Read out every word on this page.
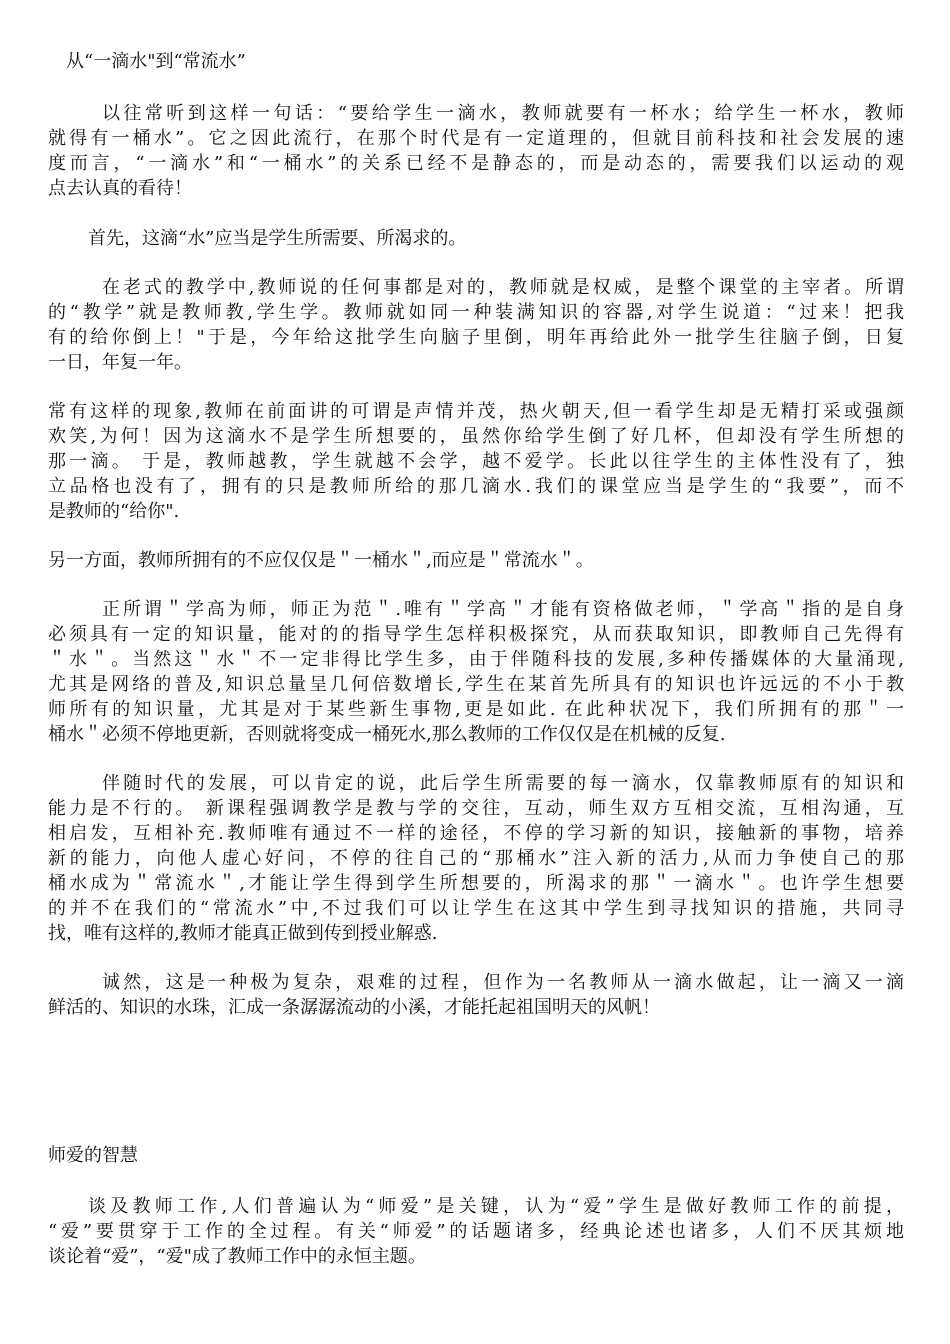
从“一滴水"到“常流水”
以往常听到这样一句话：“要给学生一滴水，教师就要有一杯水；给学生一杯水，教师
就得有一桶水”。它之因此流行，在那个时代是有一定道理的，但就目前科技和社会发展的速
度而言，“一滴水”和“一桶水”的关系已经不是静态的，而是动态的，需要我们以运动的观
点去认真的看待！
首先，这滴“水”应当是学生所需要、所渴求的。
在老式的教学中,教师说的任何事都是对的，教师就是权威，是整个课堂的主宰者。所谓
的“教学”就是教师教,学生学。教师就如同一种装满知识的容器,对学生说道：“过来！把我
有的给你倒上！"于是，今年给这批学生向脑子里倒，明年再给此外一批学生往脑子倒，日复
一日，年复一年。
常有这样的现象,教师在前面讲的可谓是声情并茂，热火朝天,但一看学生却是无精打采或强颜
欢笑,为何！因为这滴水不是学生所想要的，虽然你给学生倒了好几杯，但却没有学生所想的
那一滴。 于是，教师越教，学生就越不会学，越不爱学。长此以往学生的主体性没有了，独
立品格也没有了，拥有的只是教师所给的那几滴水.我们的课堂应当是学生的“我要”，而不
是教师的“给你".
另一方面，教师所拥有的不应仅仅是＂一桶水＂,而应是＂常流水＂。
正所谓＂学高为师，师正为范＂.唯有＂学高＂才能有资格做老师，＂学高＂指的是自身
必须具有一定的知识量，能对的的指导学生怎样积极探究，从而获取知识，即教师自己先得有
＂水＂。当然这＂水＂不一定非得比学生多，由于伴随科技的发展,多种传播媒体的大量涌现,
尤其是网络的普及,知识总量呈几何倍数增长,学生在某首先所具有的知识也许远远的不小于教
师所有的知识量，尤其是对于某些新生事物,更是如此. 在此种状况下，我们所拥有的那＂一
桶水＂必须不停地更新，否则就将变成一桶死水,那么教师的工作仅仅是在机械的反复.
伴随时代的发展，可以肯定的说，此后学生所需要的每一滴水，仅靠教师原有的知识和
能力是不行的。 新课程强调教学是教与学的交往，互动，师生双方互相交流，互相沟通，互
相启发，互相补充.教师唯有通过不一样的途径，不停的学习新的知识，接触新的事物，培养
新的能力，向他人虚心好问，不停的往自己的“那桶水”注入新的活力,从而力争使自己的那
桶水成为＂常流水＂,才能让学生得到学生所想要的，所渴求的那＂一滴水＂。也许学生想要
的并不在我们的“常流水”中,不过我们可以让学生在这其中学生到寻找知识的措施，共同寻
找，唯有这样的,教师才能真正做到传到授业解惑.
诚然，这是一种极为复杂，艰难的过程，但作为一名教师从一滴水做起，让一滴又一滴
鲜活的、知识的水珠，汇成一条潺潺流动的小溪，才能托起祖国明天的风帆！
师爱的智慧
谈及教师工作,人们普遍认为“师爱”是关键，认为“爱”学生是做好教师工作的前提，
“爱”要贯穿于工作的全过程。有关“师爱”的话题诸多，经典论述也诸多，人们不厌其烦地
谈论着“爱”，“爱"成了教师工作中的永恒主题。
